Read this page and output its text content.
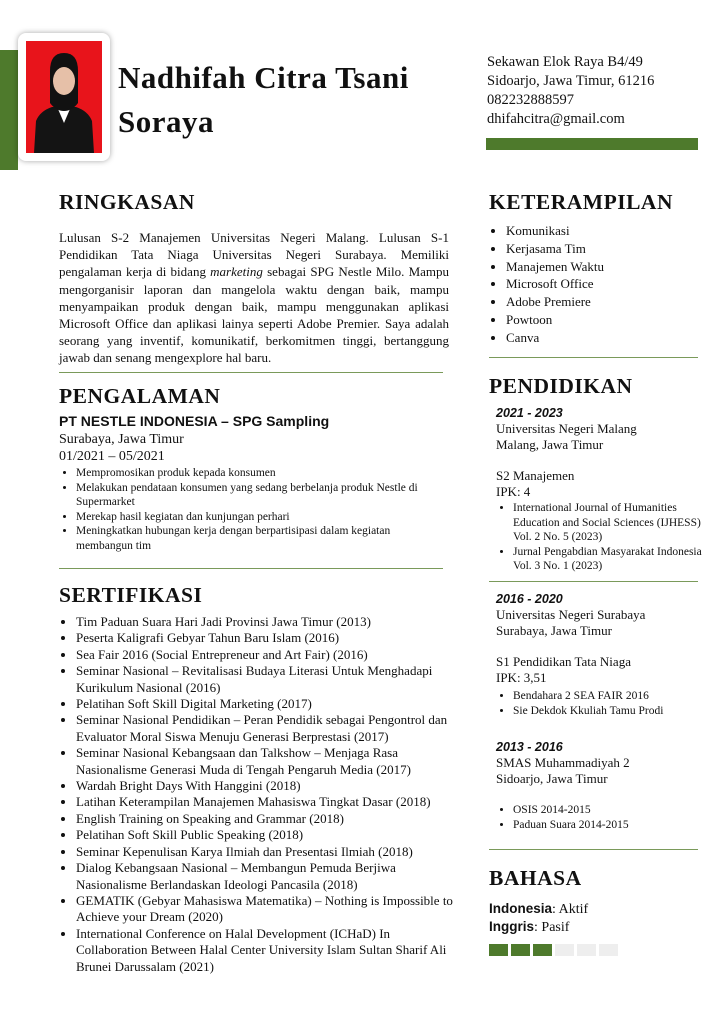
Nadhifah Citra Tsani
Soraya
Sekawan Elok Raya B4/49
Sidoarjo, Jawa Timur, 61216
082232888597
dhifahcitra@gmail.com
RINGKASAN

Lulusan S-2 Manajemen Universitas Negeri Malang. Lulusan S-1 Pendidikan Tata Niaga Universitas Negeri Surabaya. Memiliki pengalaman kerja di bidang marketing sebagai SPG Nestle Milo. Mampu mengorganisir laporan dan mangelola waktu dengan baik, mampu menyampaikan produk dengan baik, mampu menggunakan aplikasi Microsoft Office dan aplikasi lainya seperti Adobe Premier. Saya adalah seorang yang inventif, komunikatif, berkomitmen tinggi, bertanggung jawab dan senang mengexplore hal baru.

PENGALAMAN
PT NESTLE INDONESIA – SPG Sampling
Surabaya, Jawa Timur
01/2021 – 05/2021
• Mempromosikan produk kepada konsumen
• Melakukan pendataan konsumen yang sedang berbelanja produk Nestle di Supermarket
• Merekap hasil kegiatan dan kunjungan perhari
• Meningkatkan hubungan kerja dengan berpartisipasi dalam kegiatan membangun tim
SERTIFIKASI
• Tim Paduan Suara Hari Jadi Provinsi Jawa Timur (2013)
• Peserta Kaligrafi Gebyar Tahun Baru Islam (2016)
• Sea Fair 2016 (Social Entrepreneur and Art Fair) (2016)
• Seminar Nasional – Revitalisasi Budaya Literasi Untuk Menghadapi Kurikulum Nasional (2016)
• Pelatihan Soft Skill Digital Marketing (2017)
• Seminar Nasional Pendidikan – Peran Pendidik sebagai Pengontrol dan Evaluator Moral Siswa Menuju Generasi Berprestasi (2017)
• Seminar Nasional Kebangsaan dan Talkshow – Menjaga Rasa Nasionalisme Generasi Muda di Tengah Pengaruh Media (2017)
• Wardah Bright Days With Hanggini (2018)
• Latihan Keterampilan Manajemen Mahasiswa Tingkat Dasar (2018)
• English Training on Speaking and Grammar (2018)
• Pelatihan Soft Skill Public Speaking (2018)
• Seminar Kepenulisan Karya Ilmiah dan Presentasi Ilmiah (2018)
• Dialog Kebangsaan Nasional – Membangun Pemuda Berjiwa Nasionalisme Berlandaskan Ideologi Pancasila (2018)
• GEMATIK (Gebyar Mahasiswa Matematika) – Nothing is Impossible to Achieve your Dream (2020)
• International Conference on Halal Development (ICHaD) In Collaboration Between Halal Center University Islam Sultan Sharif Ali Brunei Darussalam (2021)
KETERAMPILAN
• Komunikasi
• Kerjasama Tim
• Manajemen Waktu
• Microsoft Office
• Adobe Premiere
• Powtoon
• Canva
PENDIDIKAN
2021 - 2023
Universitas Negeri Malang
Malang, Jawa Timur
S2 Manajemen
IPK: 4
• International Journal of Humanities Education and Social Sciences (IJHESS) Vol. 2 No. 5 (2023)
• Jurnal Pengabdian Masyarakat Indonesia Vol. 3 No. 1 (2023)
2016 - 2020
Universitas Negeri Surabaya
Surabaya, Jawa Timur
S1 Pendidikan Tata Niaga
IPK: 3,51
• Bendahara 2 SEA FAIR 2016
• Sie Dekdok Kkuliah Tamu Prodi
2013 - 2016
SMAS Muhammadiyah 2
Sidoarjo, Jawa Timur
• OSIS 2014-2015
• Paduan Suara 2014-2015
BAHASA
Indonesia: Aktif
Inggris: Pasif
